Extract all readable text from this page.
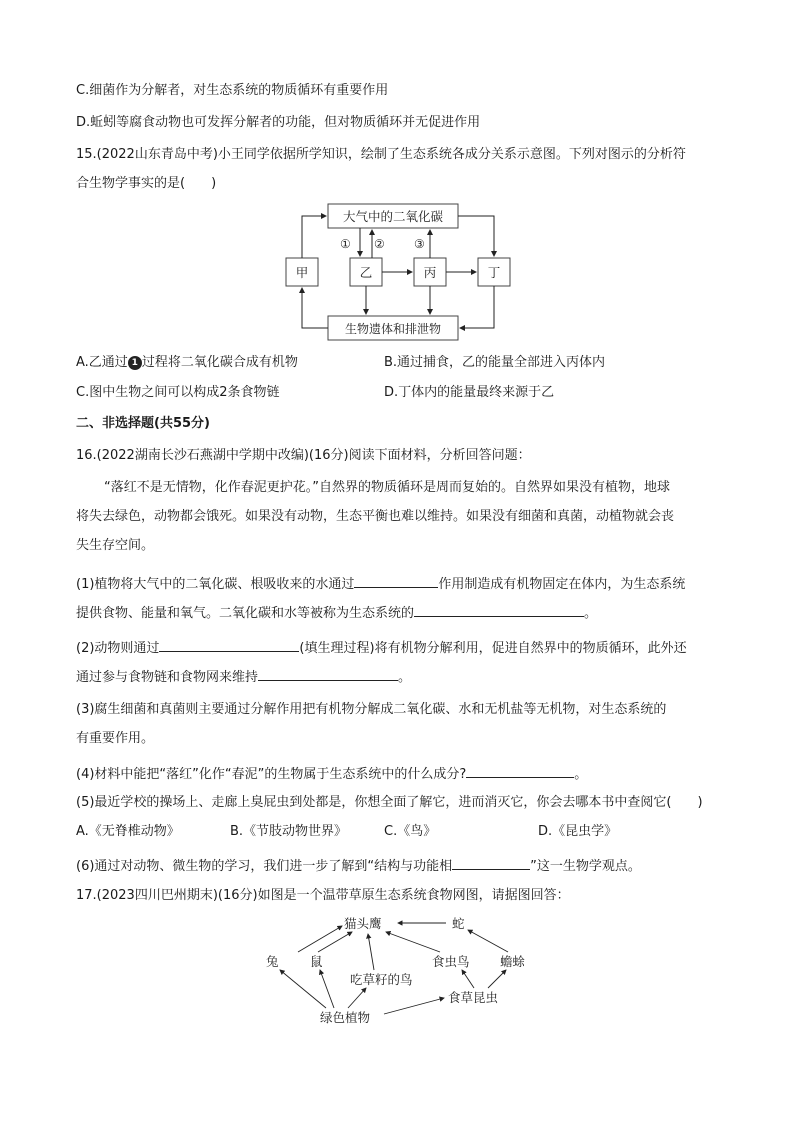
C.细菌作为分解者，对生态系统的物质循环有重要作用
D.蚯蚓等腐食动物也可发挥分解者的功能，但对物质循环并无促进作用
15.(2022山东青岛中考)小王同学依据所学知识，绘制了生态系统各成分关系示意图。下列对图示的分析符
合生物学事实的是(　　)
大气中的二氧化碳
甲	乙	丙	丁
生物遗体和排泄物
① ② ③
A.乙通过 1 过程将二氧化碳合成有机物	B.通过捕食，乙的能量全部进入丙体内
C.图中生物之间可以构成2条食物链	D.丁体内的能量最终来源于乙
二、非选择题(共55分)
16.(2022湖南长沙石燕湖中学期中改编)(16分)阅读下面材料，分析回答问题：
“落红不是无情物，化作春泥更护花。”自然界的物质循环是周而复始的。自然界如果没有植物，地球
将失去绿色，动物都会饿死。如果没有动物，生态平衡也难以维持。如果没有细菌和真菌，动植物就会丧
失生存空间。
(1)植物将大气中的二氧化碳、根吸收来的水通过	作用制造成有机物固定在体内，为生态系统
提供食物、能量和氧气。二氧化碳和水等被称为生态系统的	。
(2)动物则通过	(填生理过程)将有机物分解利用，促进自然界中的物质循环，此外还
通过参与食物链和食物网来维持	。
(3)腐生细菌和真菌则主要通过分解作用把有机物分解成二氧化碳、水和无机盐等无机物，对生态系统的
有重要作用。
(4)材料中能把“落红”化作“春泥”的生物属于生态系统中的什么成分?	。
(5)最近学校的操场上、走廊上臭屁虫到处都是，你想全面了解它，进而消灭它，你会去哪本书中查阅它(　　)
A.《无脊椎动物》	B.《节肢动物世界》	C.《鸟》	D.《昆虫学》
(6)通过对动物、微生物的学习，我们进一步了解到“结构与功能相	”这一生物学观点。
17.(2023四川巴州期末)(16分)如图是一个温带草原生态系统食物网图，请据图回答：
猫头鹰	蛇
兔	鼠	食虫鸟 蟾蜍
吃草籽的鸟
食草昆虫
绿色植物
